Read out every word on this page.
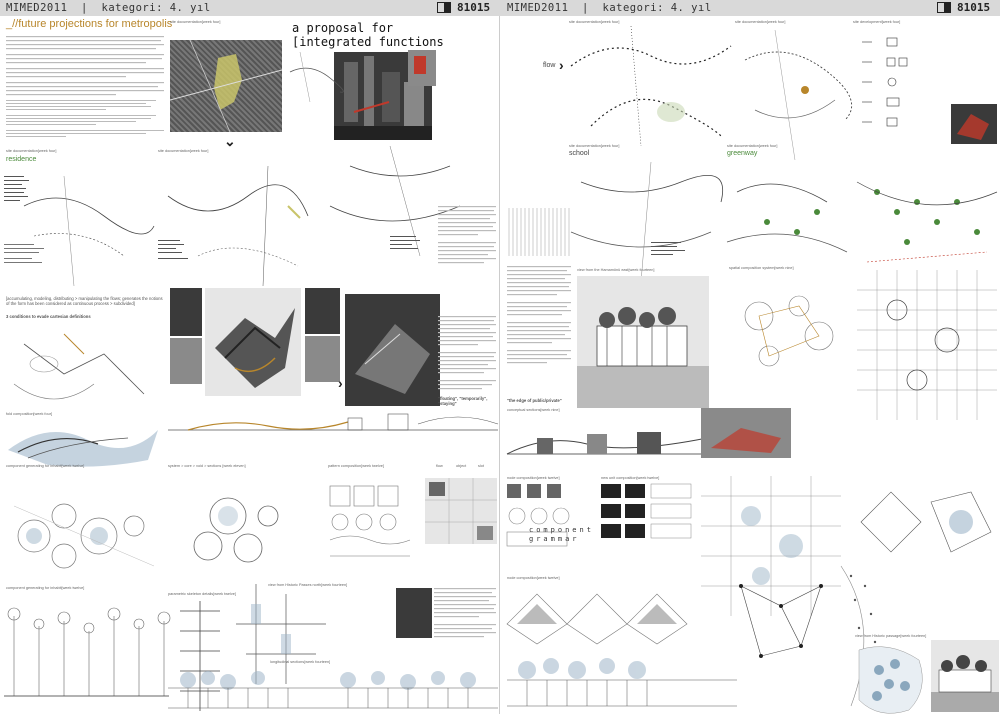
MIMED2011  |  kategori: 4. yıl	81015 MIMED2011  |  kategori: 4. yıl	81015
_//future projections for metropolis
⌄
a proposal for
[integrated functions
site documentation[week four]
site documentation[week four]	site documentation[week four]
residence
[accumulating, modeling, distributing > manipulating the flows; generates the notions of the form has been considered as continuous process > subdivided]
3 conditions to evade cartesian definitions
›
"floating", "temporarily", "staying"
fold composition[week four]
component generating for inhabit[week twelve]	system > core > void > sections [week eleven]	pattern composition[week twelve]	flow	object	slot
component generating for inhabit[week twelve]
parametric skeleton details[week twelve]
view from Historic Passes north[week fourteen]
longitudinal sections[week fourteen]
site documentation[week four]	site documentation[week four]	site development[week four]
flow ›
site documentation[week four]
school
site documentation[week four]
greenway
"the edge of public/private"
view from the Hamamönü east[week fourteen]	spatial composition system[week nine]
conceptual sections[week nine]
node composition[week twelve]
component
grammar
new unit composition[week twelve]
node composition[week twelve]
view from Historic passage[week fourteen]
